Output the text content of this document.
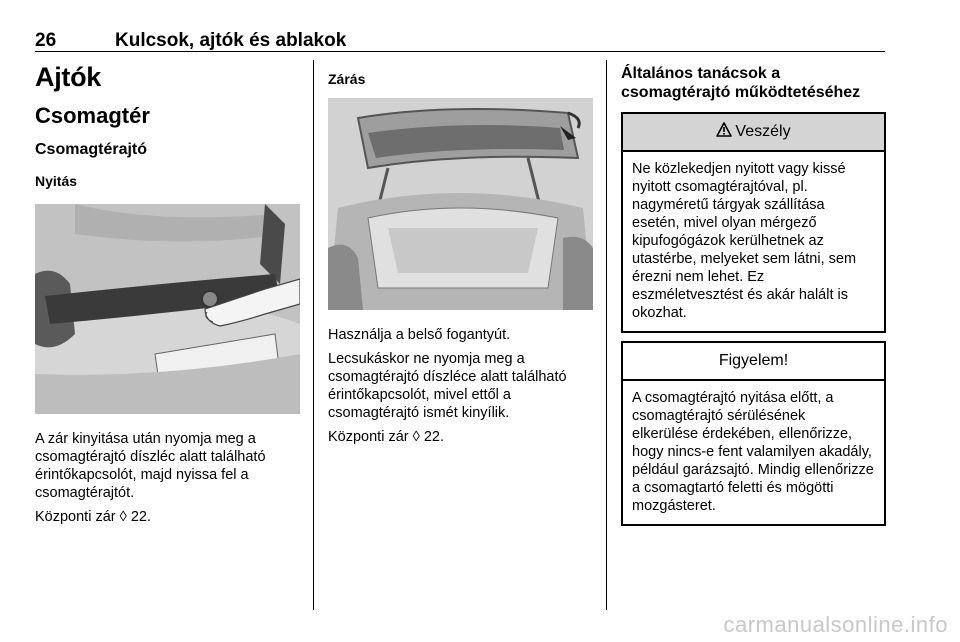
26	Kulcsok, ajtók és ablakok
Ajtók
Csomagtér
Csomagtérajtó
Nyitás

A zár kinyitása után nyomja meg a csomagtérajtó díszléc alatt található érintőkapcsolót, majd nyissa fel a csomagtérajtót.

Központi zár ◊ 22.

Zárás

Használja a belső fogantyút.

Lecsukáskor ne nyomja meg a csomagtérajtó díszléce alatt található érintőkapcsolót, mivel ettől a csomagtérajtó ismét kinyílik.

Központi zár ◊ 22.

Általános tanácsok a csomagtérajtó működtetéséhez
Veszély
Ne közlekedjen nyitott vagy kissé nyitott csomagtérajtóval, pl. nagyméretű tárgyak szállítása esetén, mivel olyan mérgező kipufogógázok kerülhetnek az utastérbe, melyeket sem látni, sem érezni nem lehet. Ez eszméletvesztést és akár halált is okozhat.
Figyelem!
A csomagtérajtó nyitása előtt, a csomagtérajtó sérülésének elkerülése érdekében, ellenőrizze, hogy nincs-e fent valamilyen akadály, például garázsajtó. Mindig ellenőrizze a csomagtartó feletti és mögötti mozgásteret.
carmanualsonline.info
